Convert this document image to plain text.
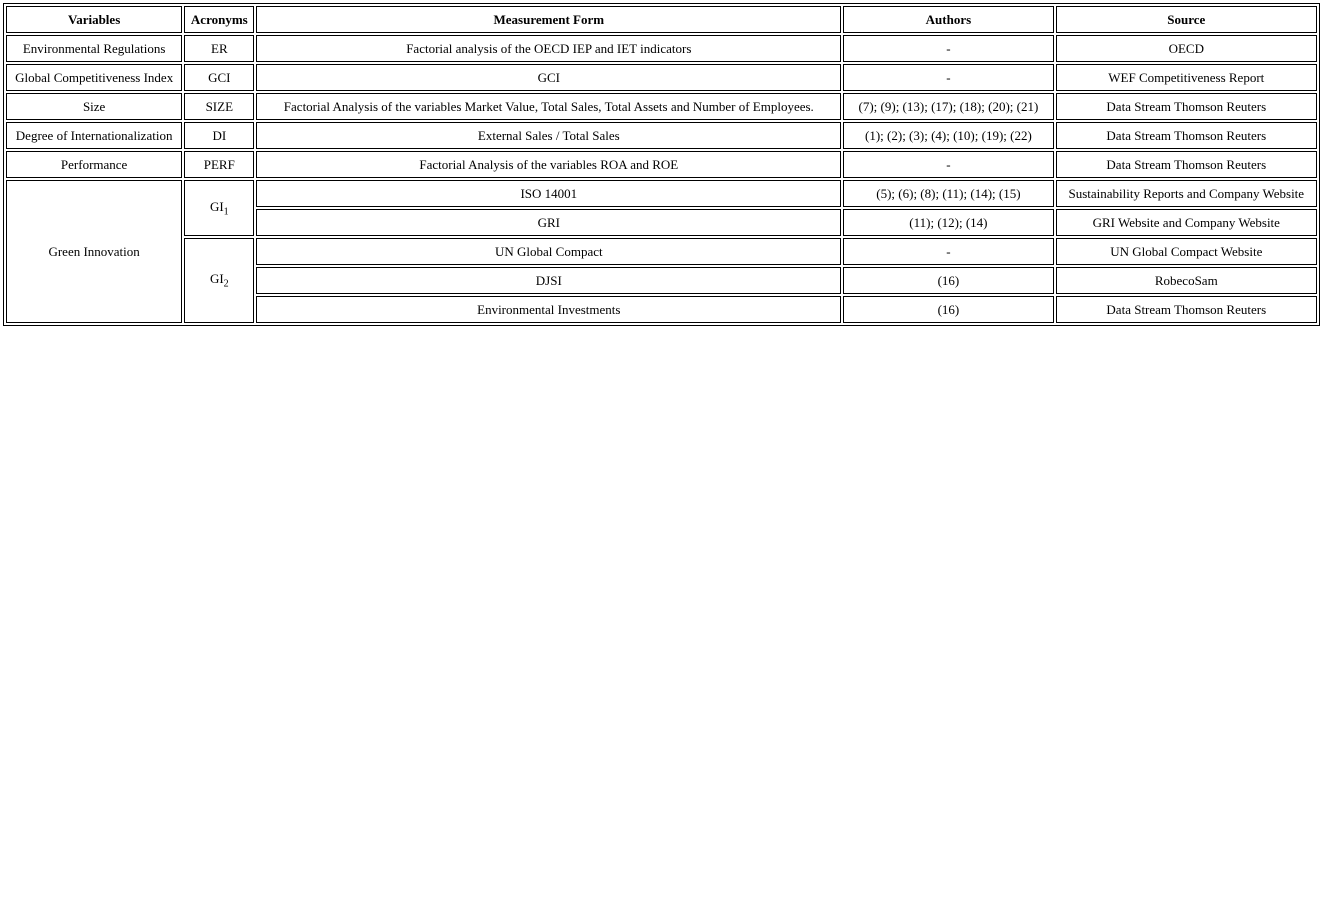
Variables	Acronyms	Measurement Form	Authors	Source
Environmental Regulations	ER	Factorial analysis of the OECD IEP and IET indicators	-	OECD
Global Competitiveness Index	GCI	GCI	-	WEF Competitiveness Report
Size	SIZE	Factorial Analysis of the variables Market Value, Total Sales, Total Assets and Number of Employees.	(7); (9); (13); (17); (18); (20); (21)	Data Stream Thomson Reuters
Degree of Internationalization	DI	External Sales / Total Sales	(1); (2); (3); (4); (10); (19); (22)	Data Stream Thomson Reuters
Performance	PERF	Factorial Analysis of the variables ROA and ROE	-	Data Stream Thomson Reuters
Green Innovation	$GI_1$	ISO 14001	(5); (6); (8); (11); (14); (15)	Sustainability Reports and Company Website
		GRI	(11); (12); (14)	GRI Website and Company Website
	$GI_2$	UN Global Compact	-	UN Global Compact Website
		DJSI	(16)	RobecoSam
		Environmental Investments	(16)	Data Stream Thomson Reuters
